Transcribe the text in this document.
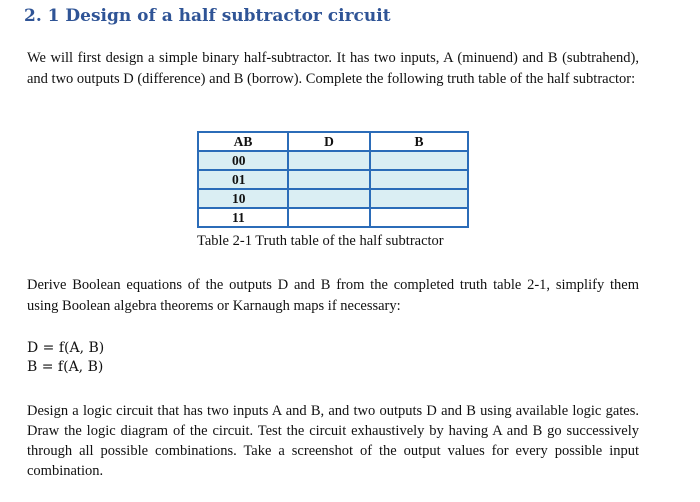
2. 1 Design of a half subtractor circuit

We will first design a simple binary half-subtractor. It has two inputs, A (minuend) and B (subtrahend), and two outputs D (difference) and B (borrow). Complete the following truth table of the half subtractor:

AB	D	B
00		
01		
10		
11		
Table 2-1 Truth table of the half subtractor

Derive Boolean equations of the outputs D and B from the completed truth table 2-1, simplify them using Boolean algebra theorems or Karnaugh maps if necessary:

D = f(A, B)
B = f(A, B)

Design a logic circuit that has two inputs A and B, and two outputs D and B using available logic gates. Draw the logic diagram of the circuit. Test the circuit exhaustively by having A and B go successively through all possible combinations. Take a screenshot of the output values for every possible input combination.
